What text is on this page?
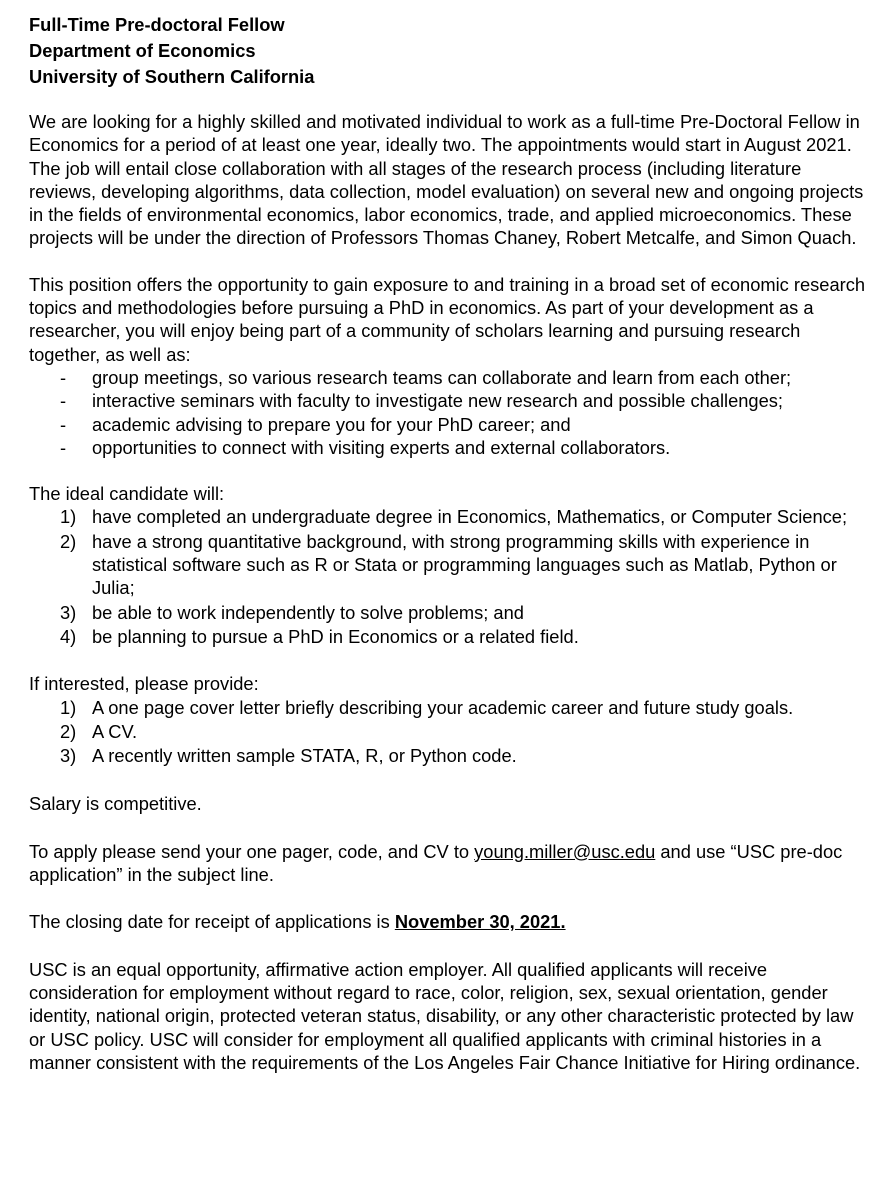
Full-Time Pre-doctoral Fellow
Department of Economics
University of Southern California

We are looking for a highly skilled and motivated individual to work as a full-time Pre-Doctoral Fellow in Economics for a period of at least one year, ideally two. The appointments would start in August 2021. The job will entail close collaboration with all stages of the research process (including literature reviews, developing algorithms, data collection, model evaluation) on several new and ongoing projects in the fields of environmental economics, labor economics, trade, and applied microeconomics. These projects will be under the direction of Professors Thomas Chaney, Robert Metcalfe, and Simon Quach.

This position offers the opportunity to gain exposure to and training in a broad set of economic research topics and methodologies before pursuing a PhD in economics. As part of your development as a researcher, you will enjoy being part of a community of scholars learning and pursuing research together, as well as:

- group meetings, so various research teams can collaborate and learn from each other;
- interactive seminars with faculty to investigate new research and possible challenges;
- academic advising to prepare you for your PhD career; and
- opportunities to connect with visiting experts and external collaborators.

The ideal candidate will:

1) have completed an undergraduate degree in Economics, Mathematics, or Computer Science;
2) have a strong quantitative background, with strong programming skills with experience in statistical software such as R or Stata or programming languages such as Matlab, Python or Julia;
3) be able to work independently to solve problems; and
4) be planning to pursue a PhD in Economics or a related field.

If interested, please provide:

1) A one page cover letter briefly describing your academic career and future study goals.
2) A CV.
3) A recently written sample STATA, R, or Python code.

Salary is competitive.

To apply please send your one pager, code, and CV to young.miller@usc.edu and use “USC pre-doc application” in the subject line.

The closing date for receipt of applications is November 30, 2021.

USC is an equal opportunity, affirmative action employer. All qualified applicants will receive consideration for employment without regard to race, color, religion, sex, sexual orientation, gender identity, national origin, protected veteran status, disability, or any other characteristic protected by law or USC policy. USC will consider for employment all qualified applicants with criminal histories in a manner consistent with the requirements of the Los Angeles Fair Chance Initiative for Hiring ordinance.
